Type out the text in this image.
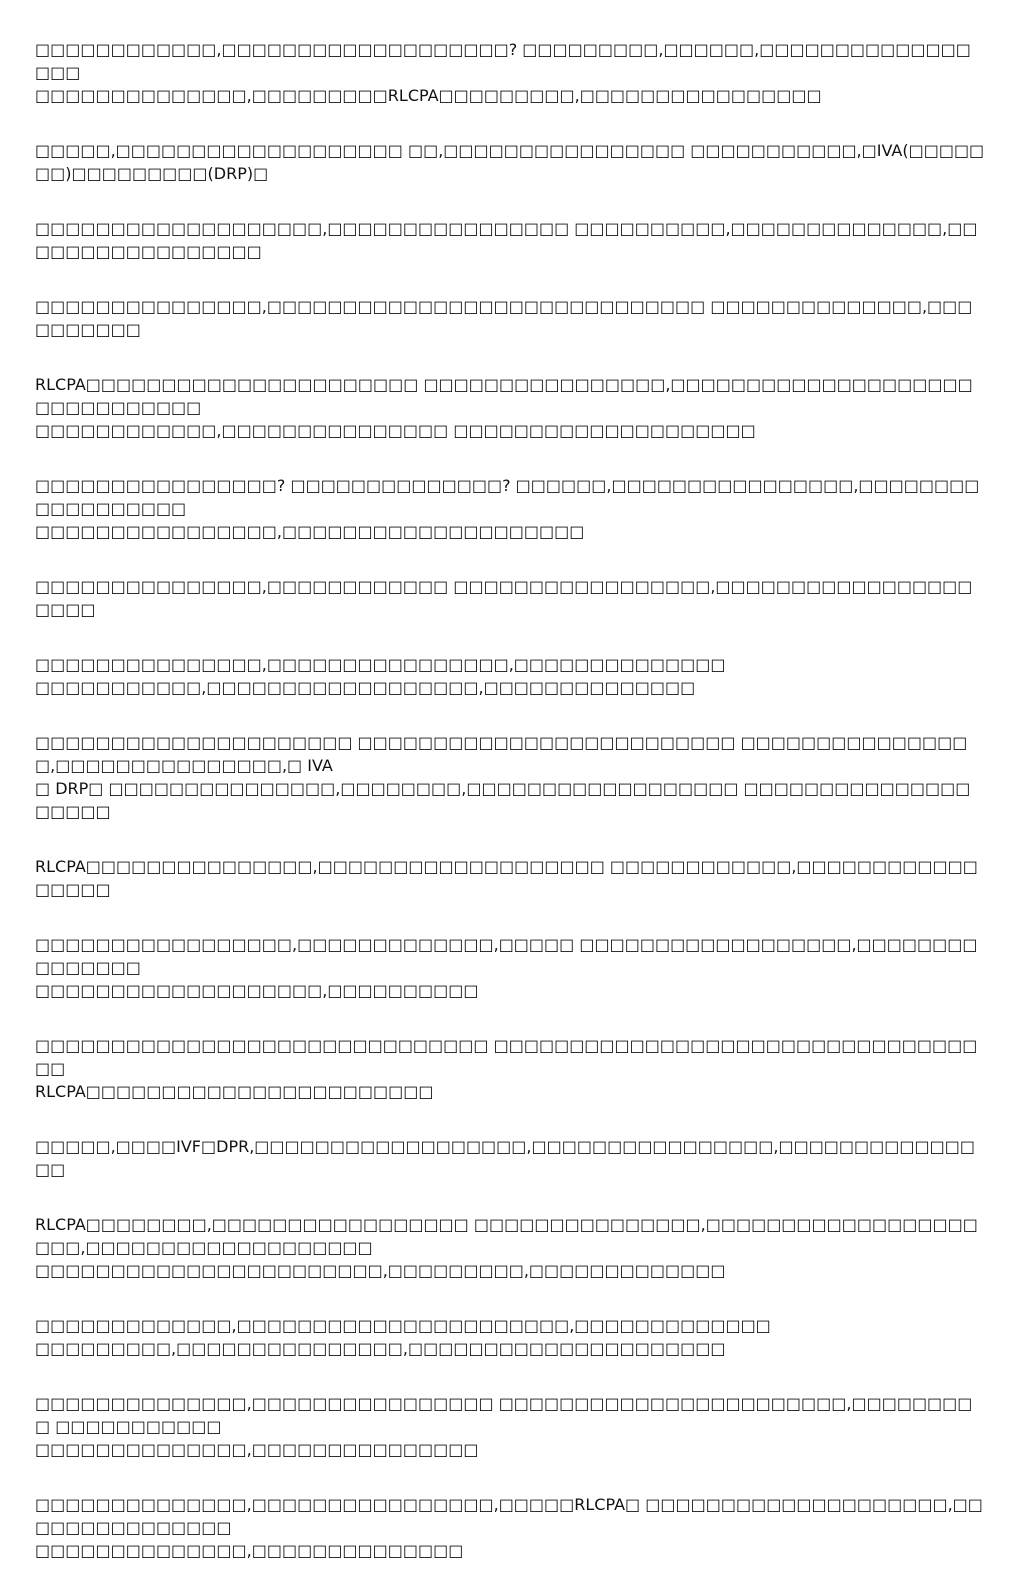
□□□□□□□□□□□□,□□□□□□□□□□□□□□□□□□□? □□□□□□□□□,□□□□□□,□□□□□□□□□□□□□□□□□
□□□□□□□□□□□□□□,□□□□□□□□□RLCPA□□□□□□□□□,□□□□□□□□□□□□□□□□

□□□□□,□□□□□□□□□□□□□□□□□□□ □□,□□□□□□□□□□□□□□□□ □□□□□□□□□□□,□IVA(□□□□□□□)□□□□□□□□□(DRP)□

□□□□□□□□□□□□□□□□□□□,□□□□□□□□□□□□□□□□ □□□□□□□□□□,□□□□□□□□□□□□□□,□□□□□□□□□□□□□□□□□

□□□□□□□□□□□□□□□,□□□□□□□□□□□□□□□□□□□□□□□□□□□□□ □□□□□□□□□□□□□□,□□□□□□□□□□

RLCPA□□□□□□□□□□□□□□□□□□□□□□ □□□□□□□□□□□□□□□□,□□□□□□□□□□□□□□□□□□□□□□□□□□□□□□□
□□□□□□□□□□□□,□□□□□□□□□□□□□□□ □□□□□□□□□□□□□□□□□□□□

□□□□□□□□□□□□□□□□? □□□□□□□□□□□□□□? □□□□□□,□□□□□□□□□□□□□□□□,□□□□□□□□□□□□□□□□□□
□□□□□□□□□□□□□□□□,□□□□□□□□□□□□□□□□□□□□

□□□□□□□□□□□□□□□,□□□□□□□□□□□□ □□□□□□□□□□□□□□□□□,□□□□□□□□□□□□□□□□□□□□□

□□□□□□□□□□□□□□□,□□□□□□□□□□□□□□□□,□□□□□□□□□□□□□□
□□□□□□□□□□□,□□□□□□□□□□□□□□□□□□,□□□□□□□□□□□□□□

□□□□□□□□□□□□□□□□□□□□□ □□□□□□□□□□□□□□□□□□□□□□□□□ □□□□□□□□□□□□□□□□,□□□□□□□□□□□□□□□,□ IVA
□ DRP□ □□□□□□□□□□□□□□□,□□□□□□□□,□□□□□□□□□□□□□□□□□□ □□□□□□□□□□□□□□□□□□□□

RLCPA□□□□□□□□□□□□□□□,□□□□□□□□□□□□□□□□□□□ □□□□□□□□□□□□,□□□□□□□□□□□□□□□□□

□□□□□□□□□□□□□□□□□,□□□□□□□□□□□□□,□□□□□ □□□□□□□□□□□□□□□□□□,□□□□□□□□□□□□□□□
□□□□□□□□□□□□□□□□□□□,□□□□□□□□□□

□□□□□□□□□□□□□□□□□□□□□□□□□□□□□□ □□□□□□□□□□□□□□□□□□□□□□□□□□□□□□□□□□
RLCPA□□□□□□□□□□□□□□□□□□□□□□□

□□□□□,□□□□IVF□DPR,□□□□□□□□□□□□□□□□□□,□□□□□□□□□□□□□□□□,□□□□□□□□□□□□□□□

RLCPA□□□□□□□□,□□□□□□□□□□□□□□□□□ □□□□□□□□□□□□□□□,□□□□□□□□□□□□□□□□□□□□□,□□□□□□□□□□□□□□□□□□□
□□□□□□□□□□□□□□□□□□□□□□□,□□□□□□□□□,□□□□□□□□□□□□□

□□□□□□□□□□□□□,□□□□□□□□□□□□□□□□□□□□□□,□□□□□□□□□□□□□
□□□□□□□□□,□□□□□□□□□□□□□□□,□□□□□□□□□□□□□□□□□□□□□

□□□□□□□□□□□□□□,□□□□□□□□□□□□□□□□ □□□□□□□□□□□□□□□□□□□□□□□,□□□□□□□□□ □□□□□□□□□□□
□□□□□□□□□□□□□□,□□□□□□□□□□□□□□□

□□□□□□□□□□□□□□,□□□□□□□□□□□□□□□□,□□□□□RLCPA□ □□□□□□□□□□□□□□□□□□□□,□□□□□□□□□□□□□□□
□□□□□□□□□□□□□□,□□□□□□□□□□□□□□
